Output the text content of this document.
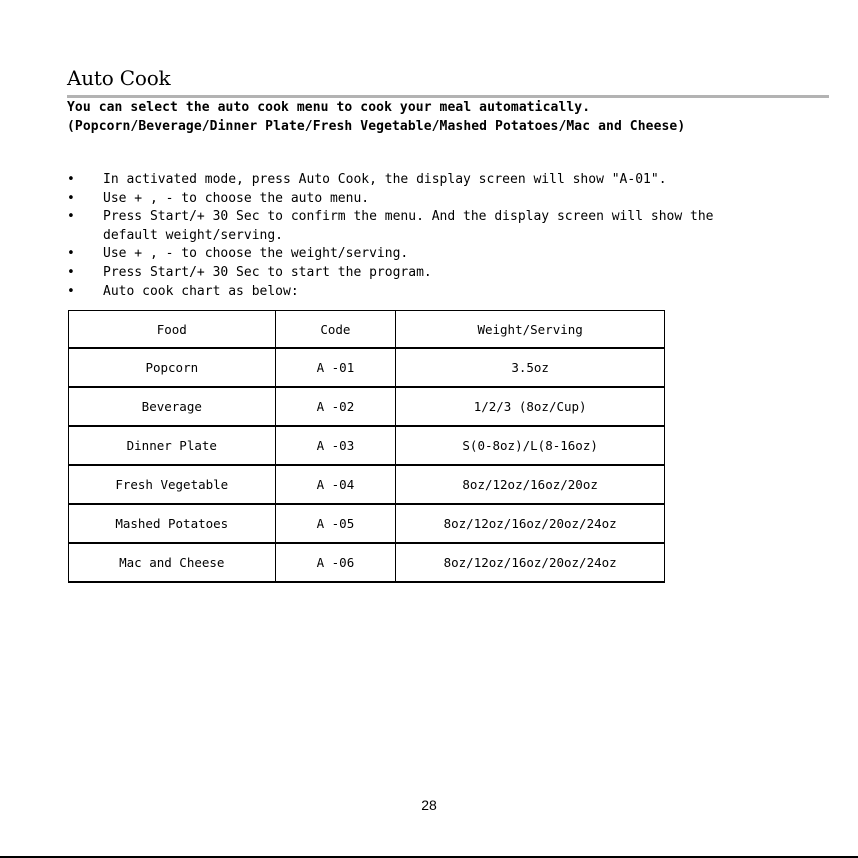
Auto Cook
You can select the auto cook menu to cook your meal automatically.
(Popcorn/Beverage/Dinner Plate/Fresh Vegetable/Mashed Potatoes/Mac and Cheese)
• In activated mode, press Auto Cook, the display screen will show "A-01".
• Use + , - to choose the auto menu.
• Press Start/+ 30 Sec to confirm the menu. And the display screen will show the
default weight/serving.
• Use + , - to choose the weight/serving.
• Press Start/+ 30 Sec to start the program.
• Auto cook chart as below:
Food	Code	Weight/Serving
Popcorn	A -01	3.5oz
Beverage	A -02	1/2/3 (8oz/Cup)
Dinner Plate	A -03	S(0-8oz)/L(8-16oz)
Fresh Vegetable	A -04	8oz/12oz/16oz/20oz
Mashed Potatoes	A -05	8oz/12oz/16oz/20oz/24oz
Mac and Cheese	A -06	8oz/12oz/16oz/20oz/24oz
28
